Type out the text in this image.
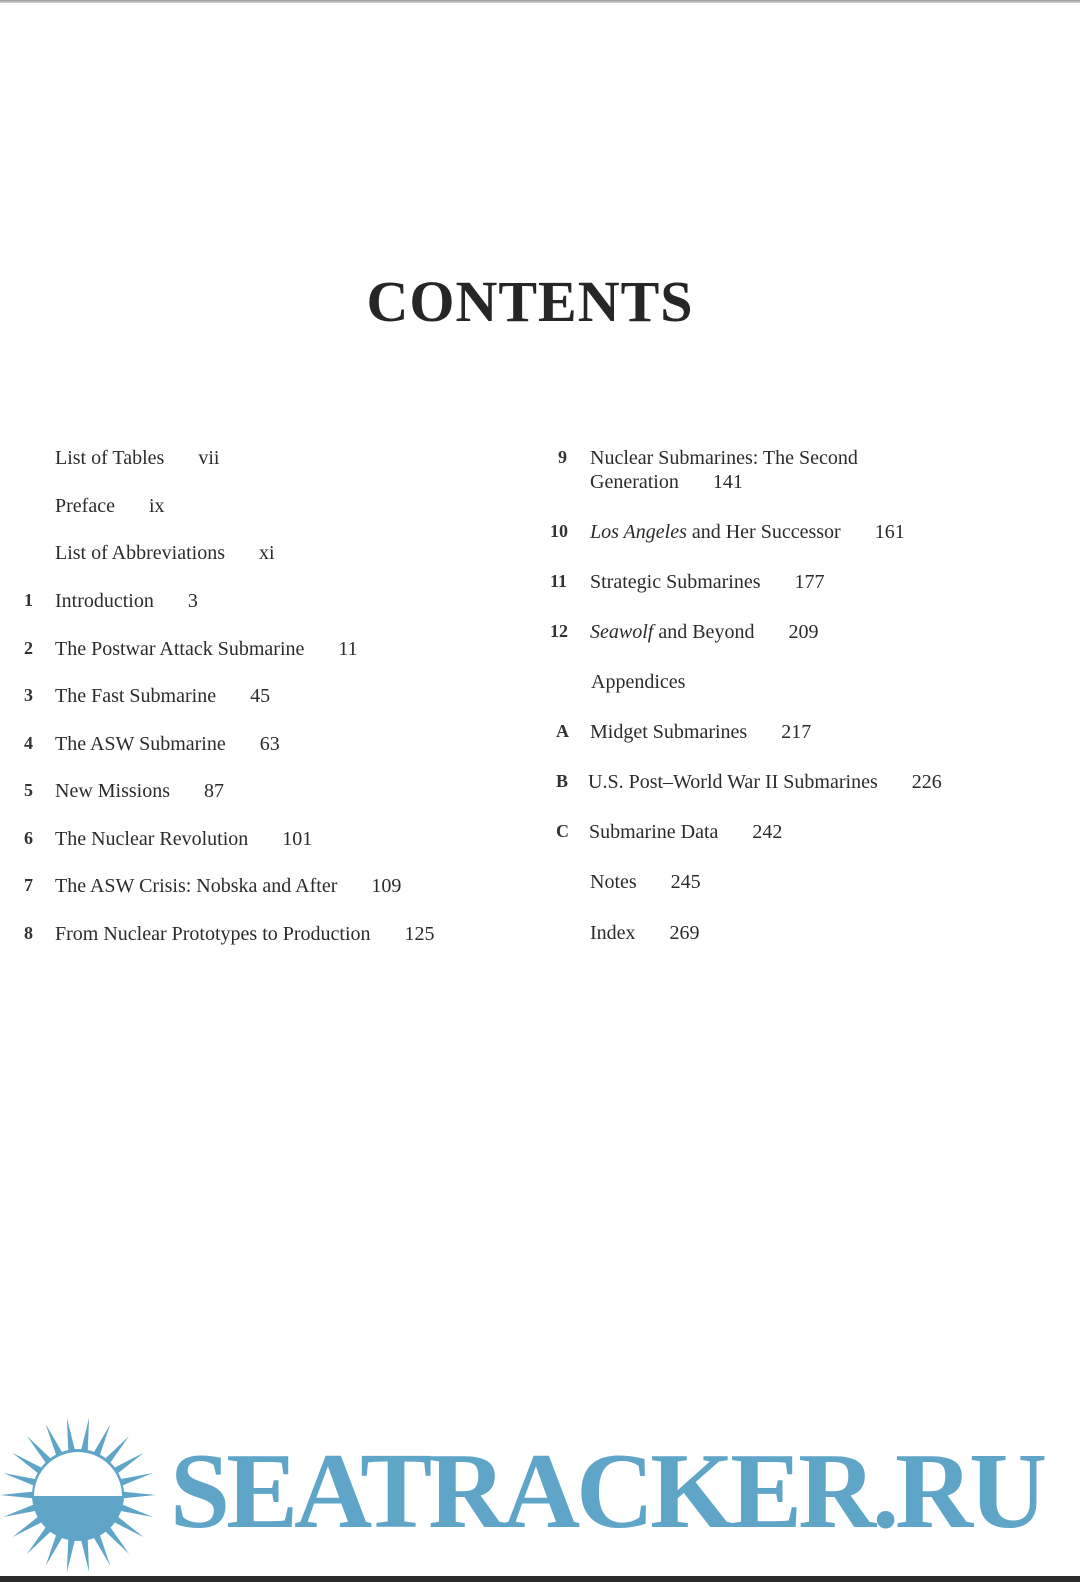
CONTENTS
List of Tables vii
Preface ix
List of Abbreviations xi
1 Introduction 3
2 The Postwar Attack Submarine 11
3 The Fast Submarine 45
4 The ASW Submarine 63
5 New Missions 87
6 The Nuclear Revolution 101
7 The ASW Crisis: Nobska and After 109
8 From Nuclear Prototypes to Production 125
9 Nuclear Submarines: The Second
Generation 141
10 Los Angeles and Her Successor 161
11 Strategic Submarines 177
12 Seawolf and Beyond 209
Appendices
A Midget Submarines 217
B U.S. Post–World War II Submarines 226
C Submarine Data 242
Notes 245
Index 269
SEATRACKER.RU
